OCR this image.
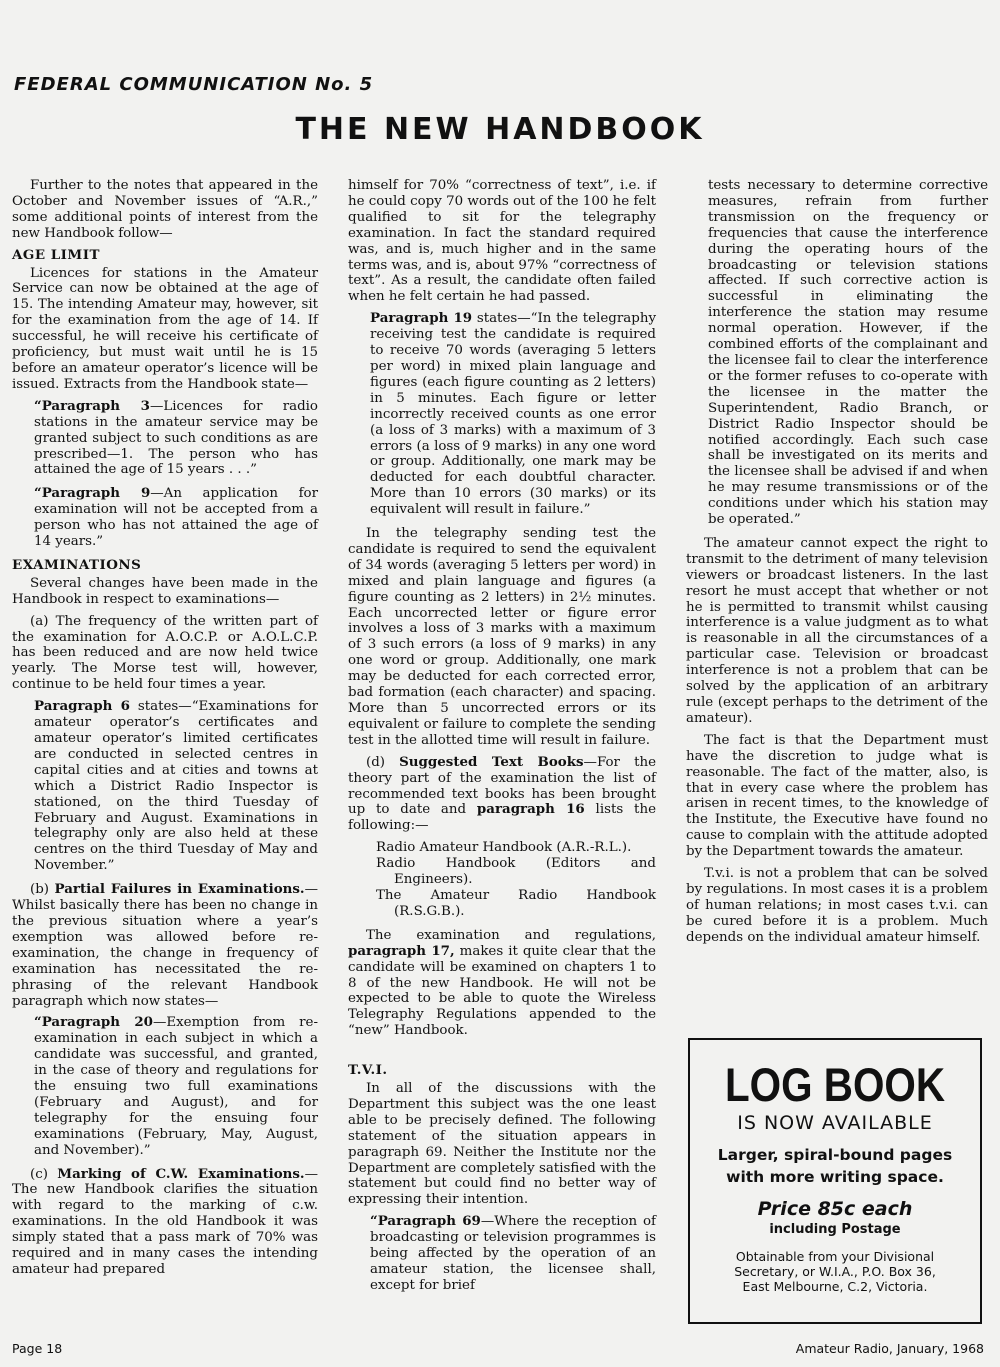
FEDERAL COMMUNICATION No. 5
THE NEW HANDBOOK

Further to the notes that appeared in the October and November issues of “A.R.,” some additional points of interest from the new Handbook follow—

AGE LIMIT

Licences for stations in the Amateur Service can now be obtained at the age of 15. The intending Amateur may, however, sit for the examination from the age of 14. If successful, he will receive his certificate of proficiency, but must wait until he is 15 before an amateur operator’s licence will be issued. Extracts from the Handbook state—

“Paragraph 3—Licences for radio stations in the amateur service may be granted subject to such conditions as are prescribed—1. The person who has attained the age of 15 years . . .”

“Paragraph 9—An application for examination will not be accepted from a person who has not attained the age of 14 years.”

EXAMINATIONS

Several changes have been made in the Handbook in respect to examinations—

(a) The frequency of the written part of the examination for A.O.C.P. or A.O.L.C.P. has been reduced and are now held twice yearly. The Morse test will, however, continue to be held four times a year.

Paragraph 6 states—“Examinations for amateur operator’s certificates and amateur operator’s limited certificates are conducted in selected centres in capital cities and at cities and towns at which a District Radio Inspector is stationed, on the third Tuesday of February and August. Examinations in telegraphy only are also held at these centres on the third Tuesday of May and November.”

(b) Partial Failures in Examinations.—Whilst basically there has been no change in the previous situation where a year’s exemption was allowed before re-examination, the change in frequency of examination has necessitated the re-phrasing of the relevant Handbook paragraph which now states—

“Paragraph 20—Exemption from re-examination in each subject in which a candidate was successful, and granted, in the case of theory and regulations for the ensuing two full examinations (February and August), and for telegraphy for the ensuing four examinations (February, May, August, and November).”

(c) Marking of C.W. Examinations.—The new Handbook clarifies the situation with regard to the marking of c.w. examinations. In the old Handbook it was simply stated that a pass mark of 70% was required and in many cases the intending amateur had prepared

himself for 70% “correctness of text”, i.e. if he could copy 70 words out of the 100 he felt qualified to sit for the telegraphy examination. In fact the standard required was, and is, much higher and in the same terms was, and is, about 97% “correctness of text”. As a result, the candidate often failed when he felt certain he had passed.

Paragraph 19 states—“In the telegraphy receiving test the candidate is required to receive 70 words (averaging 5 letters per word) in mixed plain language and figures (each figure counting as 2 letters) in 5 minutes. Each figure or letter incorrectly received counts as one error (a loss of 3 marks) with a maximum of 3 errors (a loss of 9 marks) in any one word or group. Additionally, one mark may be deducted for each doubtful character. More than 10 errors (30 marks) or its equivalent will result in failure.”

In the telegraphy sending test the candidate is required to send the equivalent of 34 words (averaging 5 letters per word) in mixed and plain language and figures (a figure counting as 2 letters) in 2½ minutes. Each uncorrected letter or figure error involves a loss of 3 marks with a maximum of 3 such errors (a loss of 9 marks) in any one word or group. Additionally, one mark may be deducted for each corrected error, bad formation (each character) and spacing. More than 5 uncorrected errors or its equivalent or failure to complete the sending test in the allotted time will result in failure.

(d) Suggested Text Books—For the theory part of the examination the list of recommended text books has been brought up to date and paragraph 16 lists the following:—

Radio Amateur Handbook (A.R.-R.L.).
Radio Handbook (Editors and Engineers).
The Amateur Radio Handbook (R.S.G.B.).

The examination and regulations, paragraph 17, makes it quite clear that the candidate will be examined on chapters 1 to 8 of the new Handbook. He will not be expected to be able to quote the Wireless Telegraphy Regulations appended to the “new” Handbook.

T.V.I.

In all of the discussions with the Department this subject was the one least able to be precisely defined. The following statement of the situation appears in paragraph 69. Neither the Institute nor the Department are completely satisfied with the statement but could find no better way of expressing their intention.

“Paragraph 69—Where the reception of broadcasting or television programmes is being affected by the operation of an amateur station, the licensee shall, except for brief

tests necessary to determine corrective measures, refrain from further transmission on the frequency or frequencies that cause the interference during the operating hours of the broadcasting or television stations affected. If such corrective action is successful in eliminating the interference the station may resume normal operation. However, if the combined efforts of the complainant and the licensee fail to clear the interference or the former refuses to co-operate with the licensee in the matter the Superintendent, Radio Branch, or District Radio Inspector should be notified accordingly. Each such case shall be investigated on its merits and the licensee shall be advised if and when he may resume transmissions or of the conditions under which his station may be operated.”

The amateur cannot expect the right to transmit to the detriment of many television viewers or broadcast listeners. In the last resort he must accept that whether or not he is permitted to transmit whilst causing interference is a value judgment as to what is reasonable in all the circumstances of a particular case. Television or broadcast interference is not a problem that can be solved by the application of an arbitrary rule (except perhaps to the detriment of the amateur).

The fact is that the Department must have the discretion to judge what is reasonable. The fact of the matter, also, is that in every case where the problem has arisen in recent times, to the knowledge of the Institute, the Executive have found no cause to complain with the attitude adopted by the Department towards the amateur.

T.v.i. is not a problem that can be solved by regulations. In most cases it is a problem of human relations; in most cases t.v.i. can be cured before it is a problem. Much depends on the individual amateur himself.

LOG BOOK
IS NOW AVAILABLE
Larger, spiral-bound pages
with more writing space.
Price 85c each
including Postage
Obtainable from your Divisional
Secretary, or W.I.A., P.O. Box 36,
East Melbourne, C.2, Victoria.
Page 18	Amateur Radio, January, 1968
